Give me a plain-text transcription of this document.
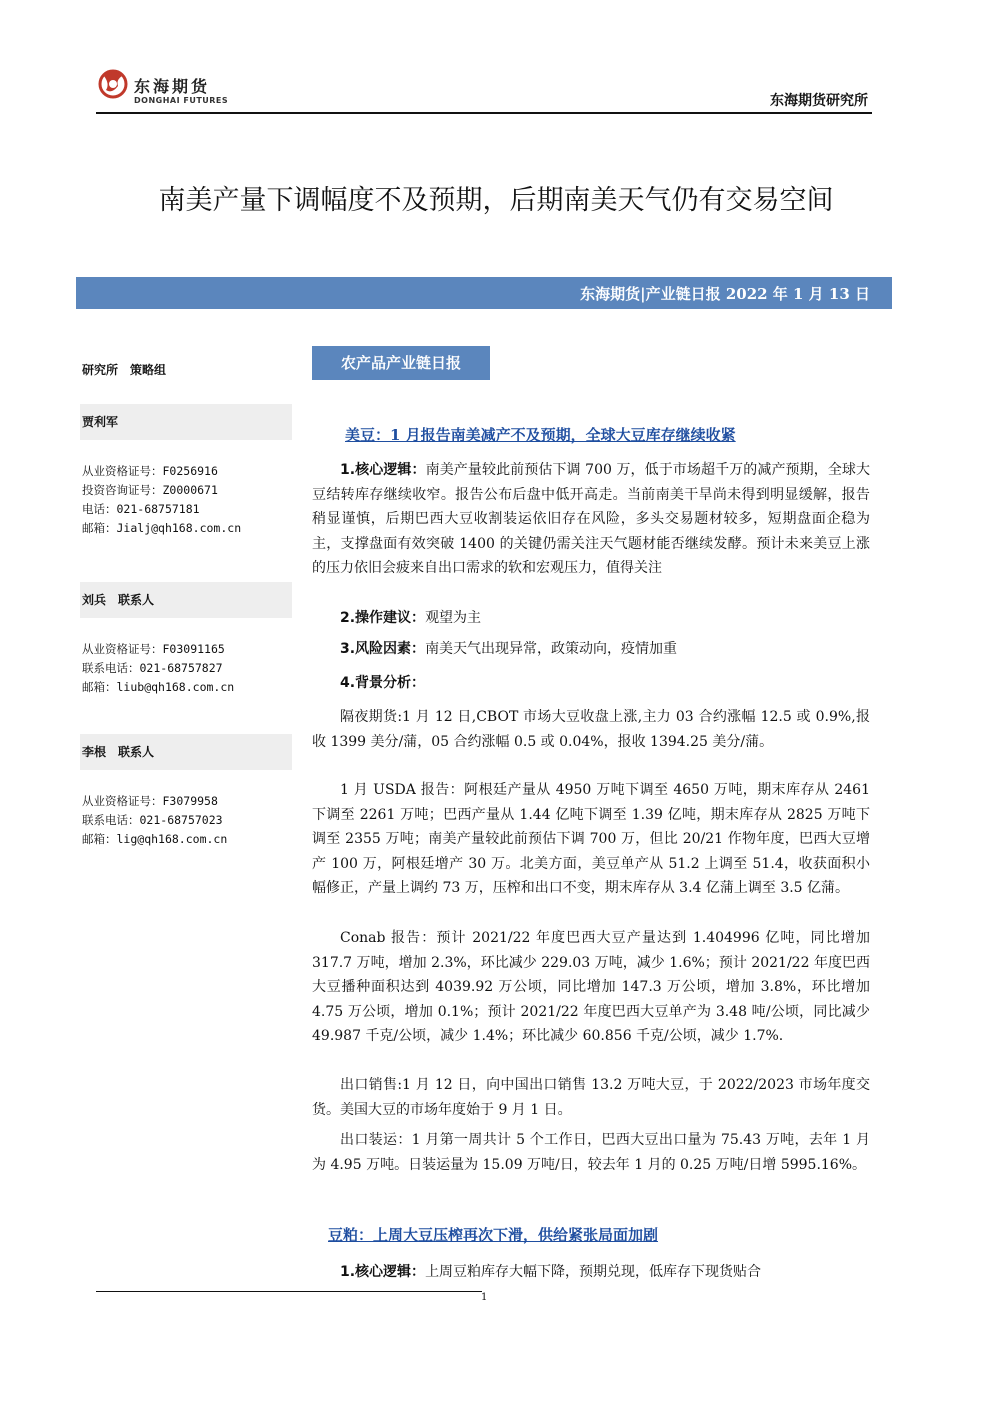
东海期货
DONGHAI FUTURES	东海期货研究所
南美产量下调幅度不及预期，后期南美天气仍有交易空间
东海期货|产业链日报 2022 年 1 月 13 日
研究所　策略组
贾利军
从业资格证号：F0256916
投资咨询证号：Z0000671
电话：021-68757181
邮箱：Jialj@qh168.com.cn
刘兵　联系人
从业资格证号：F03091165
联系电话：021-68757827
邮箱：liub@qh168.com.cn
李根　联系人
从业资格证号：F3079958
联系电话：021-68757023
邮箱：lig@qh168.com.cn
农产品产业链日报
美豆：1 月报告南美减产不及预期，全球大豆库存继续收紧
1.核心逻辑：南美产量较此前预估下调 700 万，低于市场超千万的减产预期，全球大豆结转库存继续收窄。报告公布后盘中低开高走。当前南美干旱尚未得到明显缓解，报告稍显谨慎，后期巴西大豆收割装运依旧存在风险，多头交易题材较多，短期盘面企稳为主，支撑盘面有效突破 1400 的关键仍需关注天气题材能否继续发酵。预计未来美豆上涨的压力依旧会疲来自出口需求的软和宏观压力，值得关注
2.操作建议：观望为主
3.风险因素：南美天气出现异常，政策动向，疫情加重
4.背景分析：
隔夜期货:1 月 12 日,CBOT 市场大豆收盘上涨,主力 03 合约涨幅 12.5 或 0.9%,报收 1399 美分/蒲，05 合约涨幅 0.5 或 0.04%，报收 1394.25 美分/蒲。
1 月 USDA 报告：阿根廷产量从 4950 万吨下调至 4650 万吨，期末库存从 2461 下调至 2261 万吨；巴西产量从 1.44 亿吨下调至 1.39 亿吨，期末库存从 2825 万吨下调至 2355 万吨；南美产量较此前预估下调 700 万，但比 20/21 作物年度，巴西大豆增产 100 万，阿根廷增产 30 万。北美方面，美豆单产从 51.2 上调至 51.4，收获面积小幅修正，产量上调约 73 万，压榨和出口不变，期末库存从 3.4 亿蒲上调至 3.5 亿蒲。
Conab 报告：预计 2021/22 年度巴西大豆产量达到 1.404996 亿吨，同比增加 317.7 万吨，增加 2.3%，环比减少 229.03 万吨，减少 1.6%；预计 2021/22 年度巴西大豆播种面积达到 4039.92 万公顷，同比增加 147.3 万公顷，增加 3.8%，环比增加 4.75 万公顷，增加 0.1%；预计 2021/22 年度巴西大豆单产为 3.48 吨/公顷，同比减少 49.987 千克/公顷，减少 1.4%；环比减少 60.856 千克/公顷，减少 1.7%.
出口销售:1 月 12 日，向中国出口销售 13.2 万吨大豆，于 2022/2023 市场年度交货。美国大豆的市场年度始于 9 月 1 日。
出口装运：1 月第一周共计 5 个工作日，巴西大豆出口量为 75.43 万吨，去年 1 月为 4.95 万吨。日装运量为 15.09 万吨/日，较去年 1 月的 0.25 万吨/日增 5995.16%。
豆粕：上周大豆压榨再次下滑，供给紧张局面加剧
1.核心逻辑：上周豆粕库存大幅下降，预期兑现，低库存下现货贴合
1
